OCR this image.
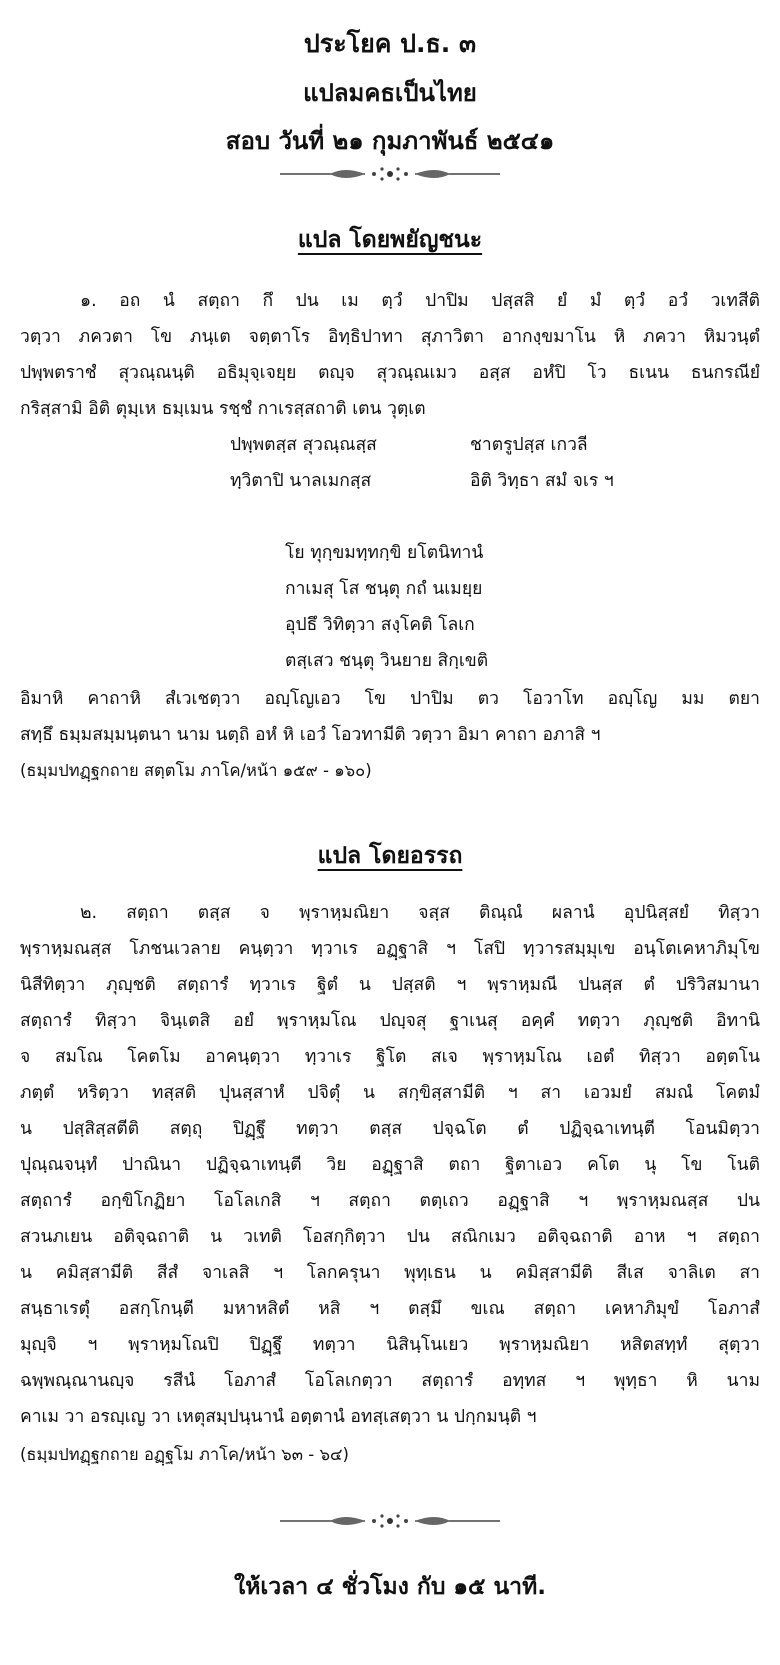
ประโยค ป.ธ. ๓
แปลมคธเป็นไทย
สอบ วันที่ ๒๑ กุมภาพันธ์ ๒๕๔๑
แปล โดยพยัญชนะ
๑. อถ นํ สตฺถา กึ ปน เม ตฺวํ ปาปิม ปสฺสสิ ยํ มํ ตฺวํ อวํ วเทสีติ
วตฺวา ภควตา โข ภนฺเต จตฺตาโร อิทฺธิปาทา สุภาวิตา อากงฺขมาโน หิ ภควา หิมวนฺตํ
ปพฺพตราชํ สุวณฺณนฺติ อธิมุจฺเจยฺย ตญฺจ สุวณฺณเมว อสฺส อหํปิ โว ธเนน ธนกรณียํ
กริสฺสามิ อิติ ตุมฺเห ธมฺเมน รชฺชํ กาเรสฺสถาติ เตน วุตฺเต
ปพฺพตสฺส สุวณฺณสฺส	ชาตรูปสฺส เกวลี
ทฺวิตาปิ นาลเมกสฺส	อิติ วิทฺธา สมํ จเร ฯ
โย ทุกฺขมทฺทกฺขิ ยโตนิทานํ
กาเมสุ โส ชนฺตุ กถํ นเมยฺย
อุปธึ วิทิตฺวา สงฺโคติ โลเก
ตสฺเสว ชนฺตุ วินยาย สิกฺเขติ
อิมาหิ คาถาหิ สํเวเชตฺวา อญฺโญเอว โข ปาปิม ตว โอวาโท อญฺโญ มม ตยา
สทฺธึ ธมฺมสมฺมนฺตนา นาม นตฺถิ อหํ หิ เอวํ โอวทามีติ วตฺวา อิมา คาถา อภาสิ ฯ
(ธมฺมปทฏฺฐกถาย สตฺตโม ภาโค/หน้า ๑๕๙ - ๑๖๐)
แปล โดยอรรถ
๒. สตฺถา ตสฺส จ พฺราหฺมณิยา จสฺส ติณฺณํ ผลานํ อุปนิสฺสยํ ทิสฺวา
พฺราหฺมณสฺส โภชนเวลาย คนฺตฺวา ทฺวาเร อฏฺฐาสิ ฯ โสปิ ทฺวารสมฺมุเข อนฺโตเคหาภิมุโข
นิสีทิตฺวา ภุญฺชติ สตฺถารํ ทฺวาเร ฐิตํ น ปสฺสติ ฯ พฺราหฺมณี ปนสฺส ตํ ปริวิสมานา
สตฺถารํ ทิสฺวา จินฺเตสิ อยํ พฺราหฺมโณ ปญฺจสุ ฐาเนสุ อคฺคํ ทตฺวา ภุญฺชติ อิทานิ
จ สมโณ โคตโม อาคนฺตฺวา ทฺวาเร ฐิโต สเจ พฺราหฺมโณ เอตํ ทิสฺวา อตฺตโน
ภตฺตํ หริตฺวา ทสฺสติ ปุนสฺสาหํ ปจิตุํ น สกฺขิสฺสามีติ ฯ สา เอวมยํ สมณํ โคตมํ
น ปสฺสิสฺสตีติ สตฺถุ ปิฏฺฐึ ทตฺวา ตสฺส ปจฺฉโต ตํ ปฏิจฺฉาเทนฺตี โอนมิตฺวา
ปุณฺณจนฺทํ ปาณินา ปฏิจฺฉาเทนฺตี วิย อฏฺฐาสิ ตถา ฐิตาเอว คโต นุ โข โนติ
สตฺถารํ อกฺขิโกฏิยา โอโลเกสิ ฯ สตฺถา ตตฺเถว อฏฺฐาสิ ฯ พฺราหฺมณสฺส ปน
สวนภเยน อติจฺฉถาติ น วเทติ โอสกฺกิตฺวา ปน สณิกเมว อติจฺฉถาติ อาห ฯ สตฺถา
น คมิสฺสามีติ สีสํ จาเลสิ ฯ โลกครุนา พุทฺเธน น คมิสฺสามีติ สีเส จาลิเต สา
สนฺธาเรตุํ อสกฺโกนฺตี มหาหสิตํ หสิ ฯ ตสฺมึ ขเณ สตฺถา เคหาภิมุขํ โอภาสํ
มุญฺจิ ฯ พฺราหฺมโณปิ ปิฏฺฐึ ทตฺวา นิสินฺโนเยว พฺราหฺมณิยา หสิตสทฺทํ สุตฺวา
ฉพฺพณฺณานญฺจ รสีนํ โอภาสํ โอโลเกตฺวา สตฺถารํ อทฺทส ฯ พุทฺธา หิ นาม
คาเม วา อรญฺเญ วา เหตุสมฺปนฺนานํ อตฺตานํ อทสฺเสตฺวา น ปกฺกมนฺติ ฯ
(ธมฺมปทฏฺฐกถาย อฏฺฐโม ภาโค/หน้า ๖๓ - ๖๔)
ให้เวลา ๔ ชั่วโมง กับ ๑๕ นาที.
